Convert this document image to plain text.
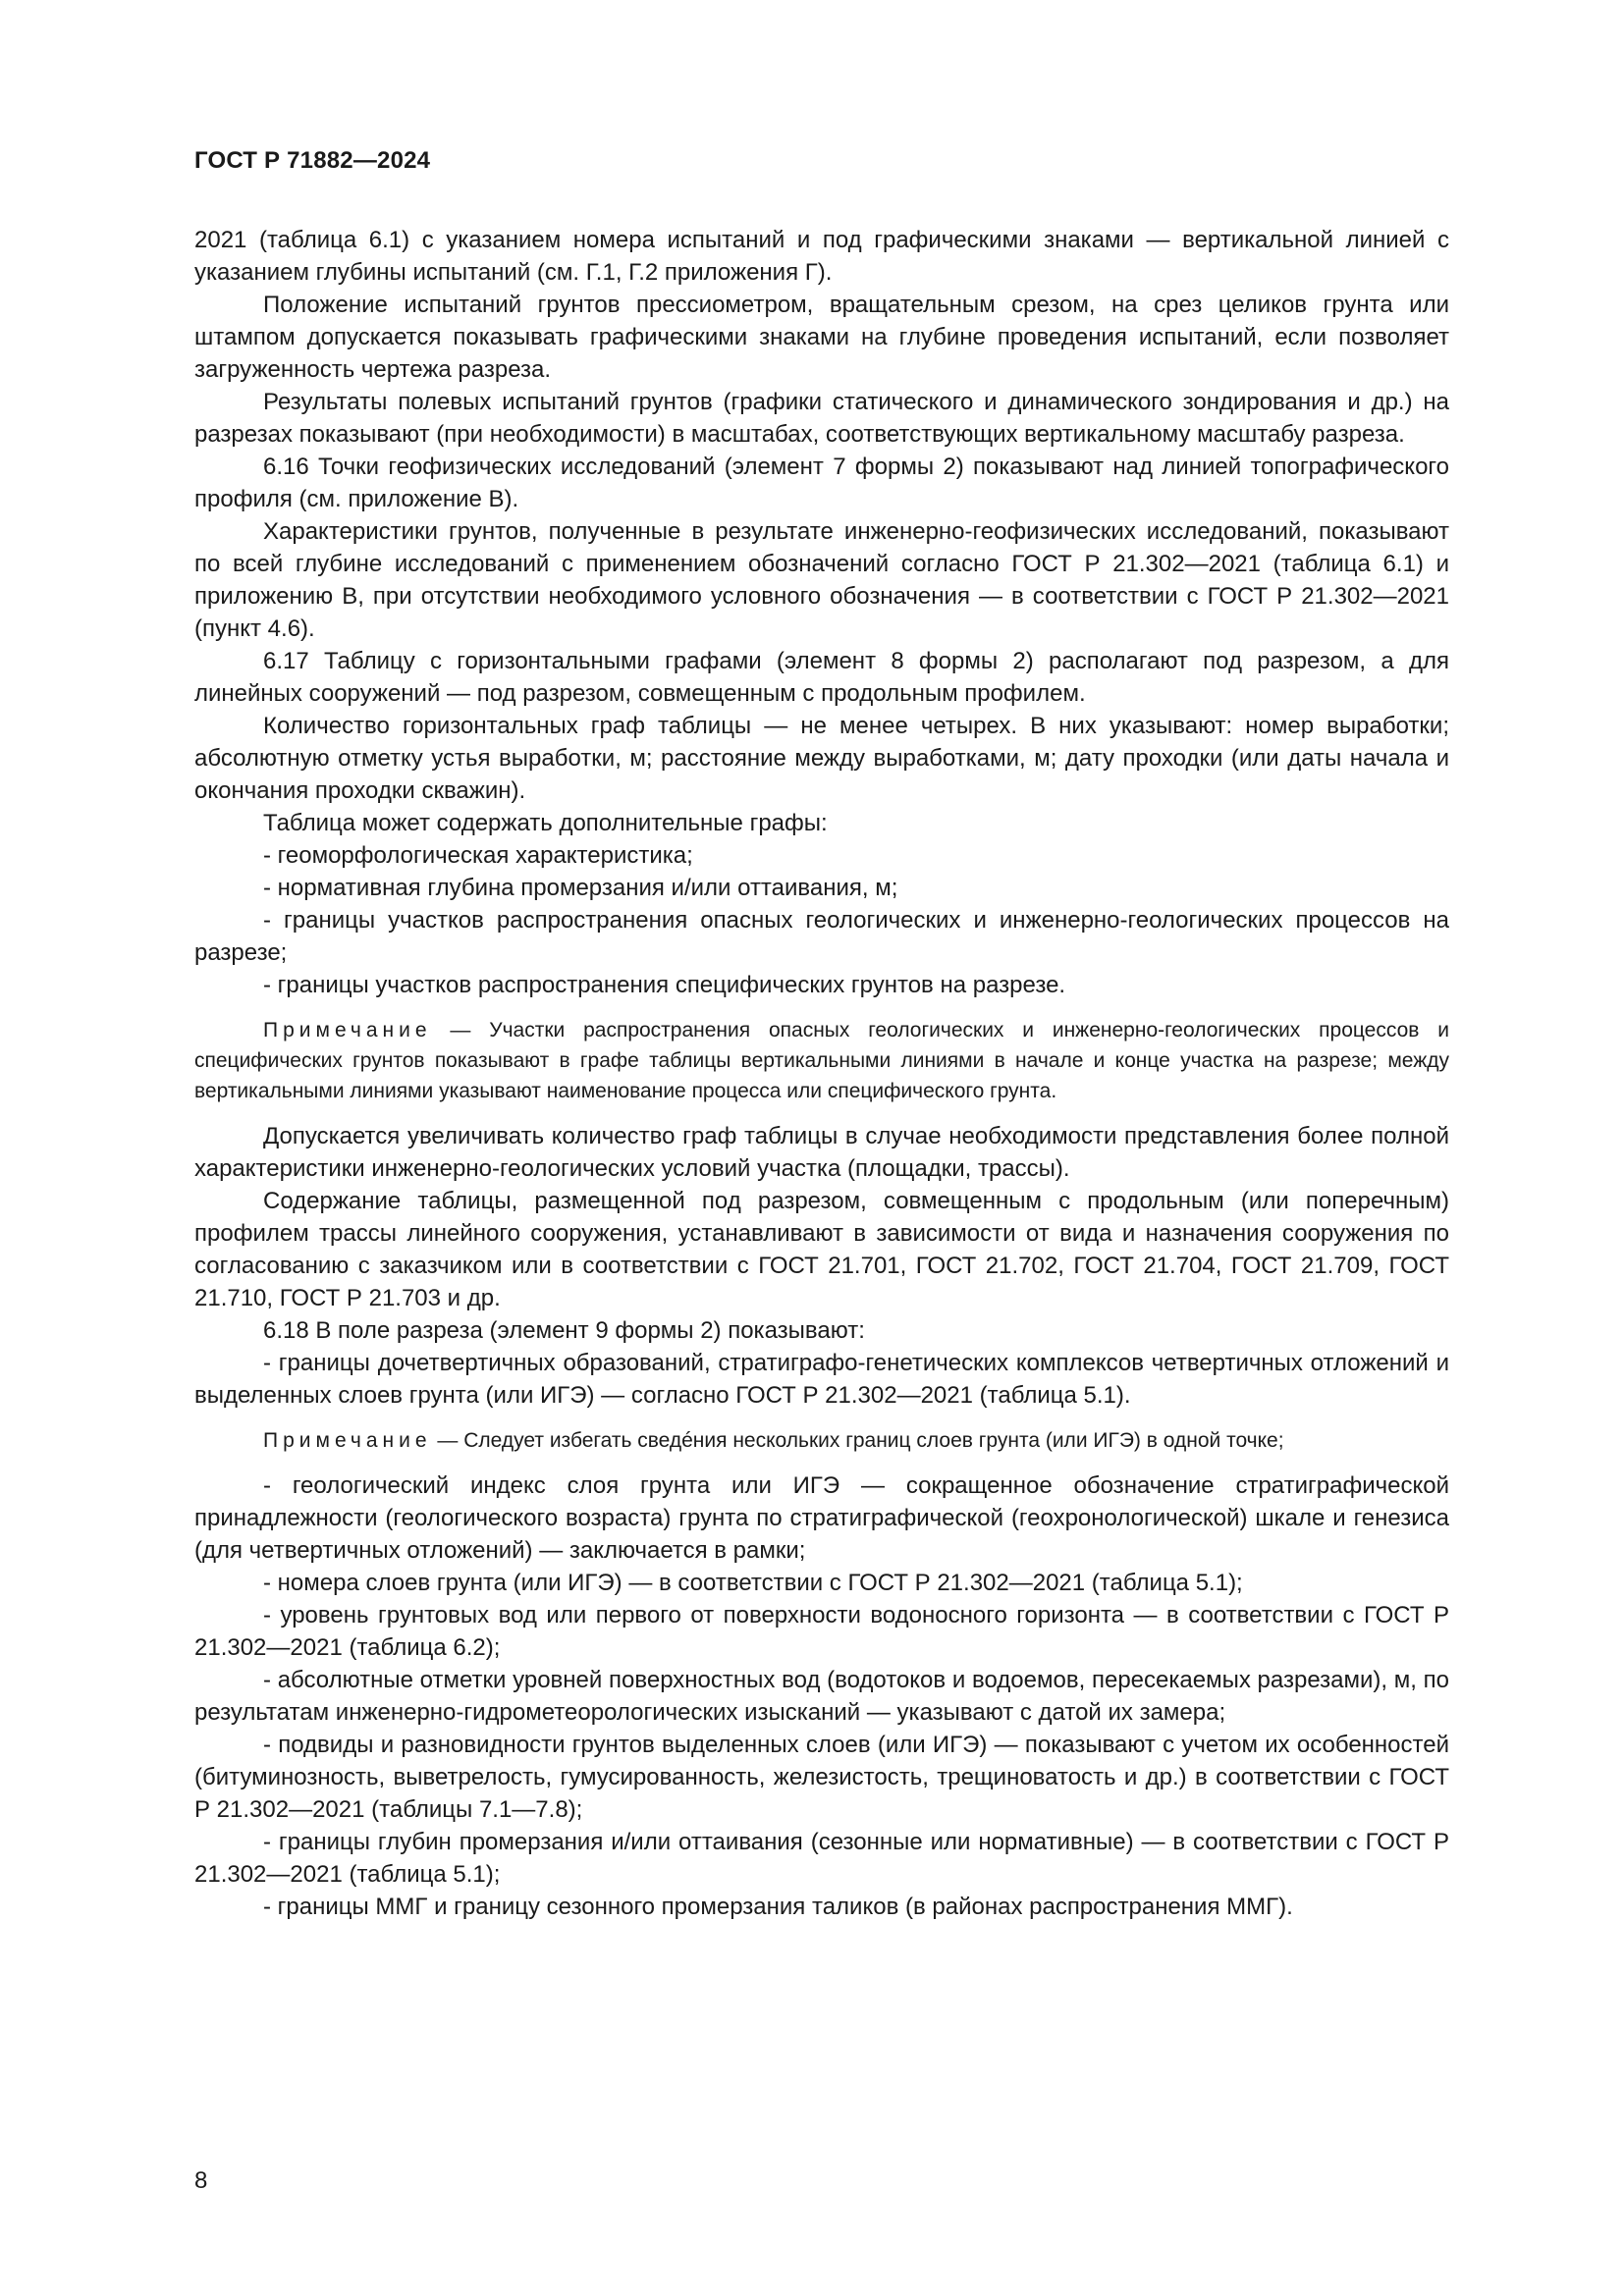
ГОСТ Р 71882—2024

2021 (таблица 6.1) с указанием номера испытаний и под графическими знаками — вертикальной линией с указанием глубины испытаний (см. Г.1, Г.2 приложения Г).

Положение испытаний грунтов прессиометром, вращательным срезом, на срез целиков грунта или штампом допускается показывать графическими знаками на глубине проведения испытаний, если позволяет загруженность чертежа разреза.

Результаты полевых испытаний грунтов (графики статического и динамического зондирования и др.) на разрезах показывают (при необходимости) в масштабах, соответствующих вертикальному масштабу разреза.

6.16 Точки геофизических исследований (элемент 7 формы 2) показывают над линией топографического профиля (см. приложение В).

Характеристики грунтов, полученные в результате инженерно-геофизических исследований, показывают по всей глубине исследований с применением обозначений согласно ГОСТ Р 21.302—2021 (таблица 6.1) и приложению В, при отсутствии необходимого условного обозначения — в соответствии с ГОСТ Р 21.302—2021 (пункт 4.6).

6.17 Таблицу с горизонтальными графами (элемент 8 формы 2) располагают под разрезом, а для линейных сооружений — под разрезом, совмещенным с продольным профилем.

Количество горизонтальных граф таблицы — не менее четырех. В них указывают: номер выработки; абсолютную отметку устья выработки, м; расстояние между выработками, м; дату проходки (или даты начала и окончания проходки скважин).

Таблица может содержать дополнительные графы:

- геоморфологическая характеристика;

- нормативная глубина промерзания и/или оттаивания, м;

- границы участков распространения опасных геологических и инженерно-геологических процессов на разрезе;

- границы участков распространения специфических грунтов на разрезе.

Примечание — Участки распространения опасных геологических и инженерно-геологических процессов и специфических грунтов показывают в графе таблицы вертикальными линиями в начале и конце участка на разрезе; между вертикальными линиями указывают наименование процесса или специфического грунта.

Допускается увеличивать количество граф таблицы в случае необходимости представления более полной характеристики инженерно-геологических условий участка (площадки, трассы).

Содержание таблицы, размещенной под разрезом, совмещенным с продольным (или поперечным) профилем трассы линейного сооружения, устанавливают в зависимости от вида и назначения сооружения по согласованию с заказчиком или в соответствии с ГОСТ 21.701, ГОСТ 21.702, ГОСТ 21.704, ГОСТ 21.709, ГОСТ 21.710, ГОСТ Р 21.703 и др.

6.18 В поле разреза (элемент 9 формы 2) показывают:

- границы дочетвертичных образований, стратиграфо-генетических комплексов четвертичных отложений и выделенных слоев грунта (или ИГЭ) — согласно ГОСТ Р 21.302—2021 (таблица 5.1).

Примечание — Следует избегать сведéния нескольких границ слоев грунта (или ИГЭ) в одной точке;

- геологический индекс слоя грунта или ИГЭ — сокращенное обозначение стратиграфической принадлежности (геологического возраста) грунта по стратиграфической (геохронологической) шкале и генезиса (для четвертичных отложений) — заключается в рамки;

- номера слоев грунта (или ИГЭ) — в соответствии с ГОСТ Р 21.302—2021 (таблица 5.1);

- уровень грунтовых вод или первого от поверхности водоносного горизонта — в соответствии с ГОСТ Р 21.302—2021 (таблица 6.2);

- абсолютные отметки уровней поверхностных вод (водотоков и водоемов, пересекаемых разрезами), м, по результатам инженерно-гидрометеорологических изысканий — указывают с датой их замера;

- подвиды и разновидности грунтов выделенных слоев (или ИГЭ) — показывают с учетом их особенностей (битуминозность, выветрелость, гумусированность, железистость, трещиноватость и др.) в соответствии с ГОСТ Р 21.302—2021 (таблицы 7.1—7.8);

- границы глубин промерзания и/или оттаивания (сезонные или нормативные) — в соответствии с ГОСТ Р 21.302—2021 (таблица 5.1);

- границы ММГ и границу сезонного промерзания таликов (в районах распространения ММГ).

8
